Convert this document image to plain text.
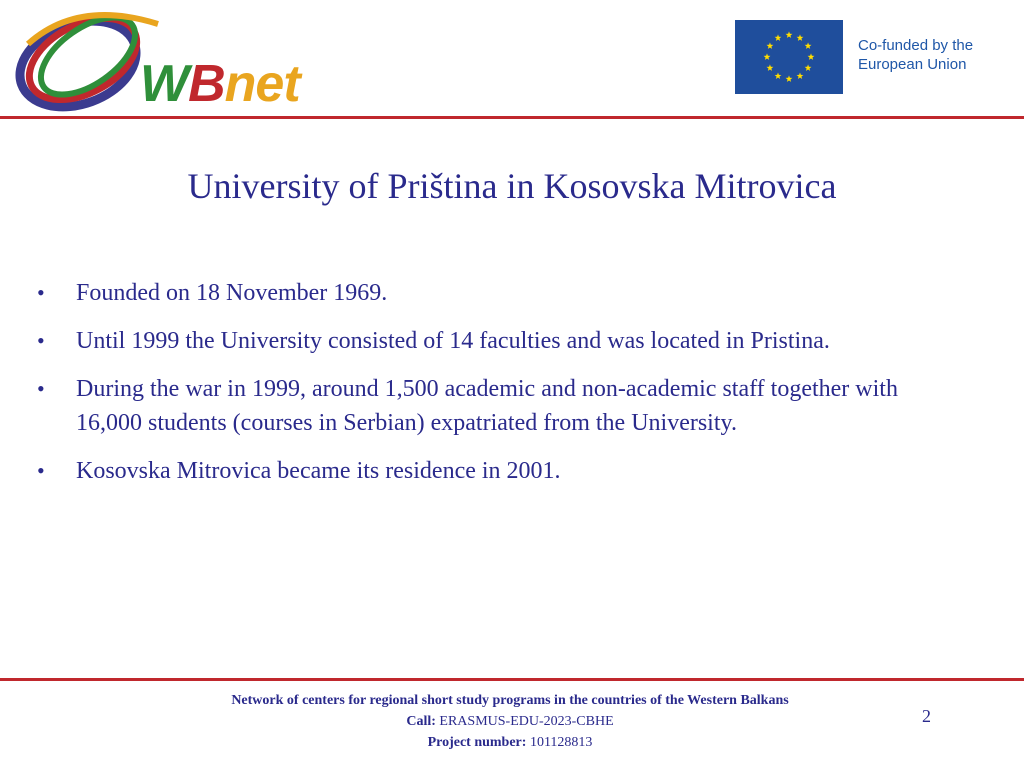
WBnet
Co-funded by the
European Union
University of Priština in Kosovska Mitrovica
• Founded on 18 November 1969.
• Until 1999 the University consisted of 14 faculties and was located in Pristina.
• During the war in 1999, around 1,500 academic and non-academic staff together with 16,000 students (courses in Serbian) expatriated from the University.
• Kosovska Mitrovica became its residence in 2001.
Network of centers for regional short study programs in the countries of the Western Balkans
Call: ERASMUS-EDU-2023-CBHE
Project number: 101128813
2
